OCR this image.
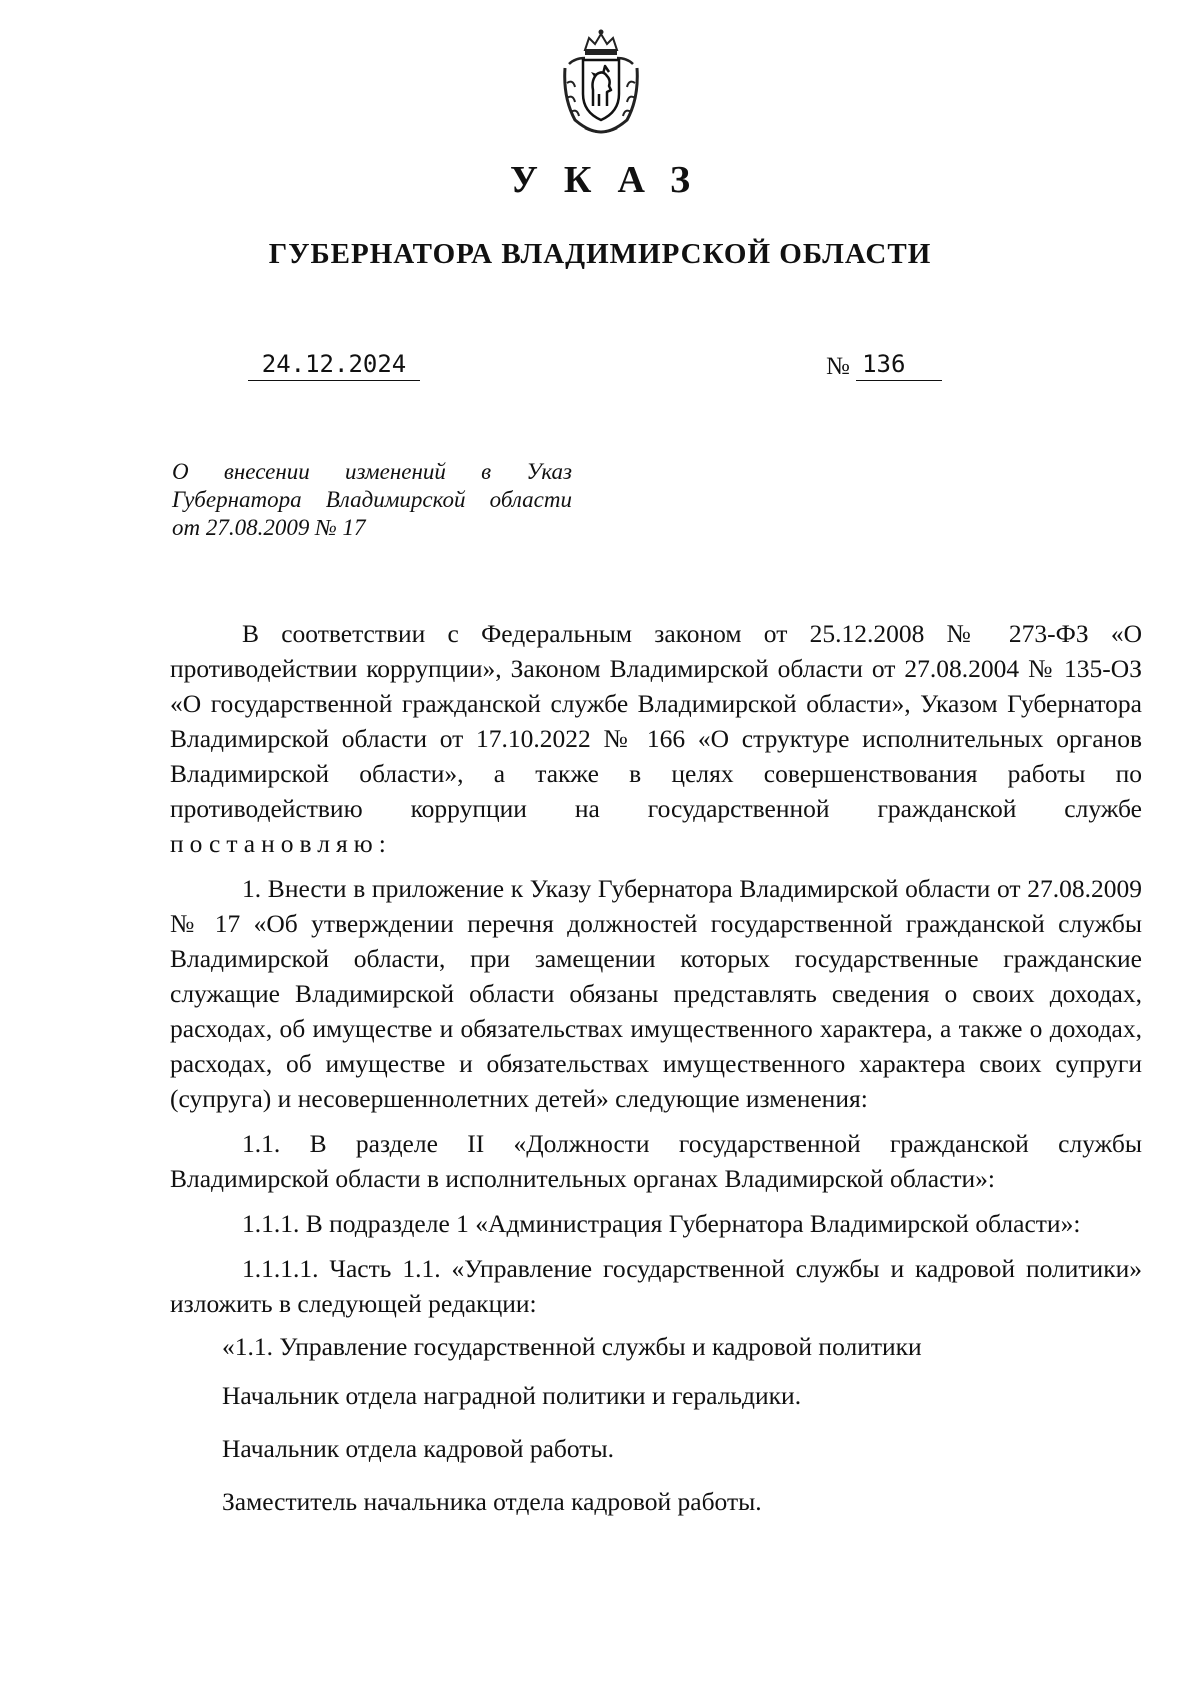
УКАЗ
ГУБЕРНАТОРА ВЛАДИМИРСКОЙ ОБЛАСТИ
24.12.2024	№ 136
О внесении изменений в Указ
Губернатора Владимирской области
от 27.08.2009 № 17

В соответствии с Федеральным законом от 25.12.2008 № 273-ФЗ «О противодействии коррупции», Законом Владимирской области от 27.08.2004 № 135-ОЗ «О государственной гражданской службе Владимирской области», Указом Губернатора Владимирской области от 17.10.2022 № 166 «О структуре исполнительных органов Владимирской области», а также в целях совершенствования работы по противодействию коррупции на государственной гражданской службе постановляю:

1. Внести в приложение к Указу Губернатора Владимирской области от 27.08.2009 № 17 «Об утверждении перечня должностей государственной гражданской службы Владимирской области, при замещении которых государственные гражданские служащие Владимирской области обязаны представлять сведения о своих доходах, расходах, об имуществе и обязательствах имущественного характера, а также о доходах, расходах, об имуществе и обязательствах имущественного характера своих супруги (супруга) и несовершеннолетних детей» следующие изменения:

1.1. В разделе II «Должности государственной гражданской службы Владимирской области в исполнительных органах Владимирской области»:

1.1.1. В подразделе 1 «Администрация Губернатора Владимирской области»:

1.1.1.1. Часть 1.1. «Управление государственной службы и кадровой политики» изложить в следующей редакции:

«1.1. Управление государственной службы и кадровой политики

Начальник отдела наградной политики и геральдики.

Начальник отдела кадровой работы.

Заместитель начальника отдела кадровой работы.
